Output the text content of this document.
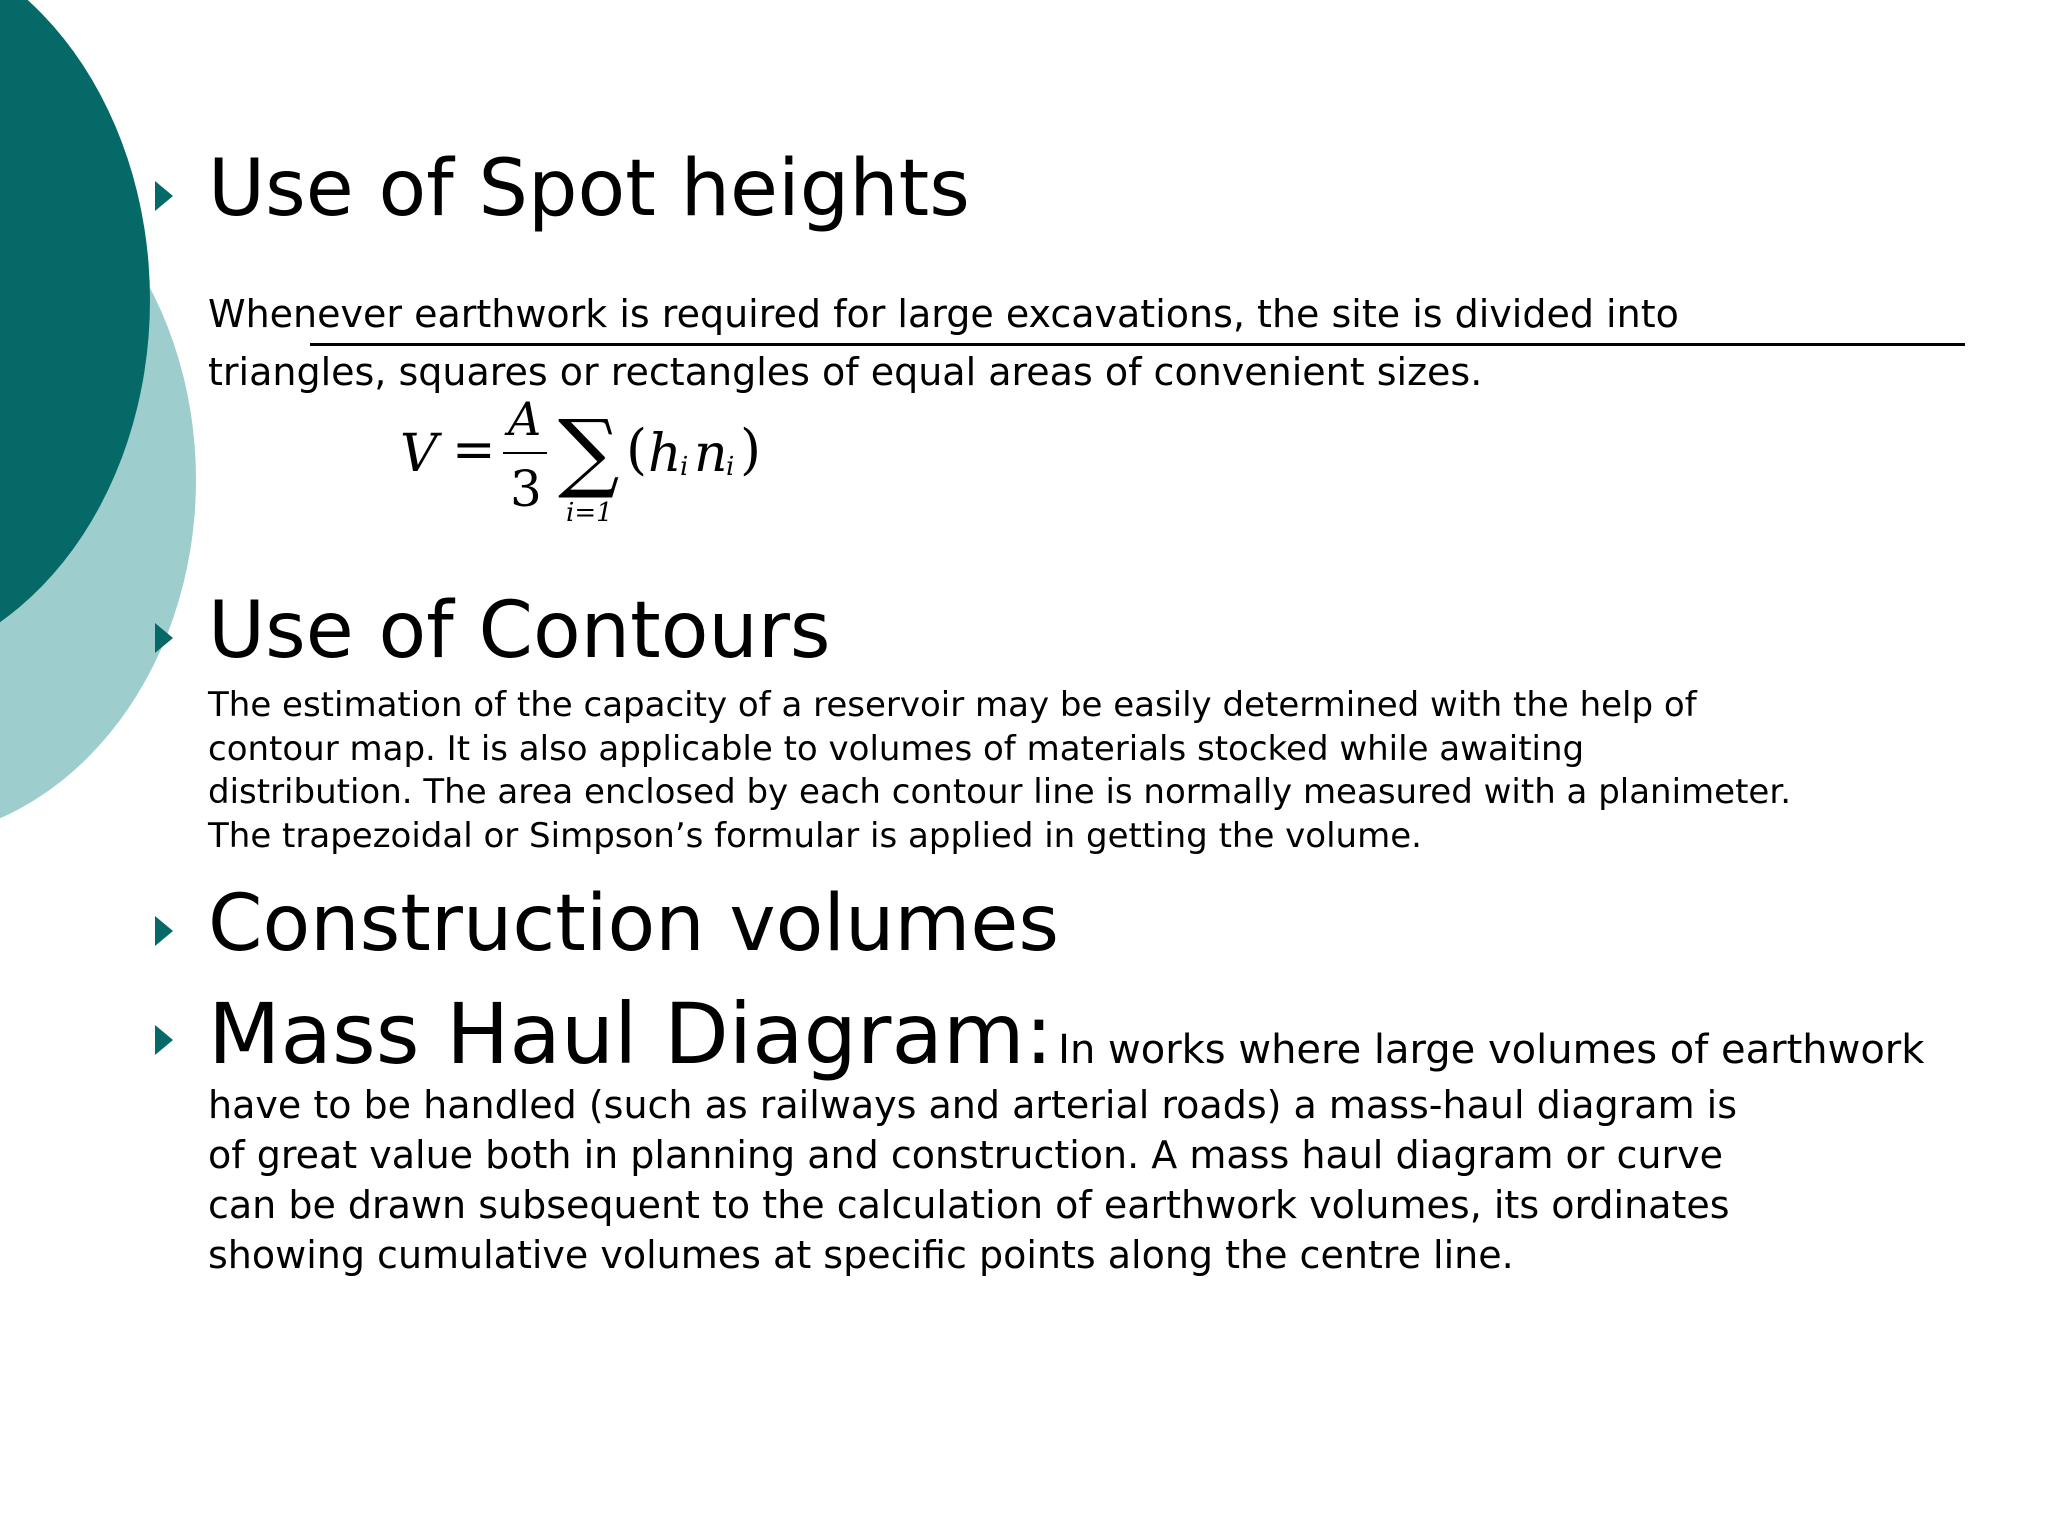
Use of Spot heights
Whenever earthwork is required for large excavations, the site is divided into
triangles, squares or rectangles of equal areas of convenient sizes.
V =
A
3 ∑
i=1
( h
i n
i )
Use of Contours
The estimation of the capacity of a reservoir may be easily determined with the help of
contour map. It is also applicable to volumes of materials stocked while awaiting
distribution. The area enclosed by each contour line is normally measured with a planimeter.
The trapezoidal or Simpson’s formular is applied in getting the volume.
Construction volumes
Mass Haul Diagram: In works where large volumes of earthwork
have to be handled (such as railways and arterial roads) a mass-haul diagram is
of great value both in planning and construction. A mass haul diagram or curve
can be drawn subsequent to the calculation of earthwork volumes, its ordinates
showing cumulative volumes at specific points along the centre line.
